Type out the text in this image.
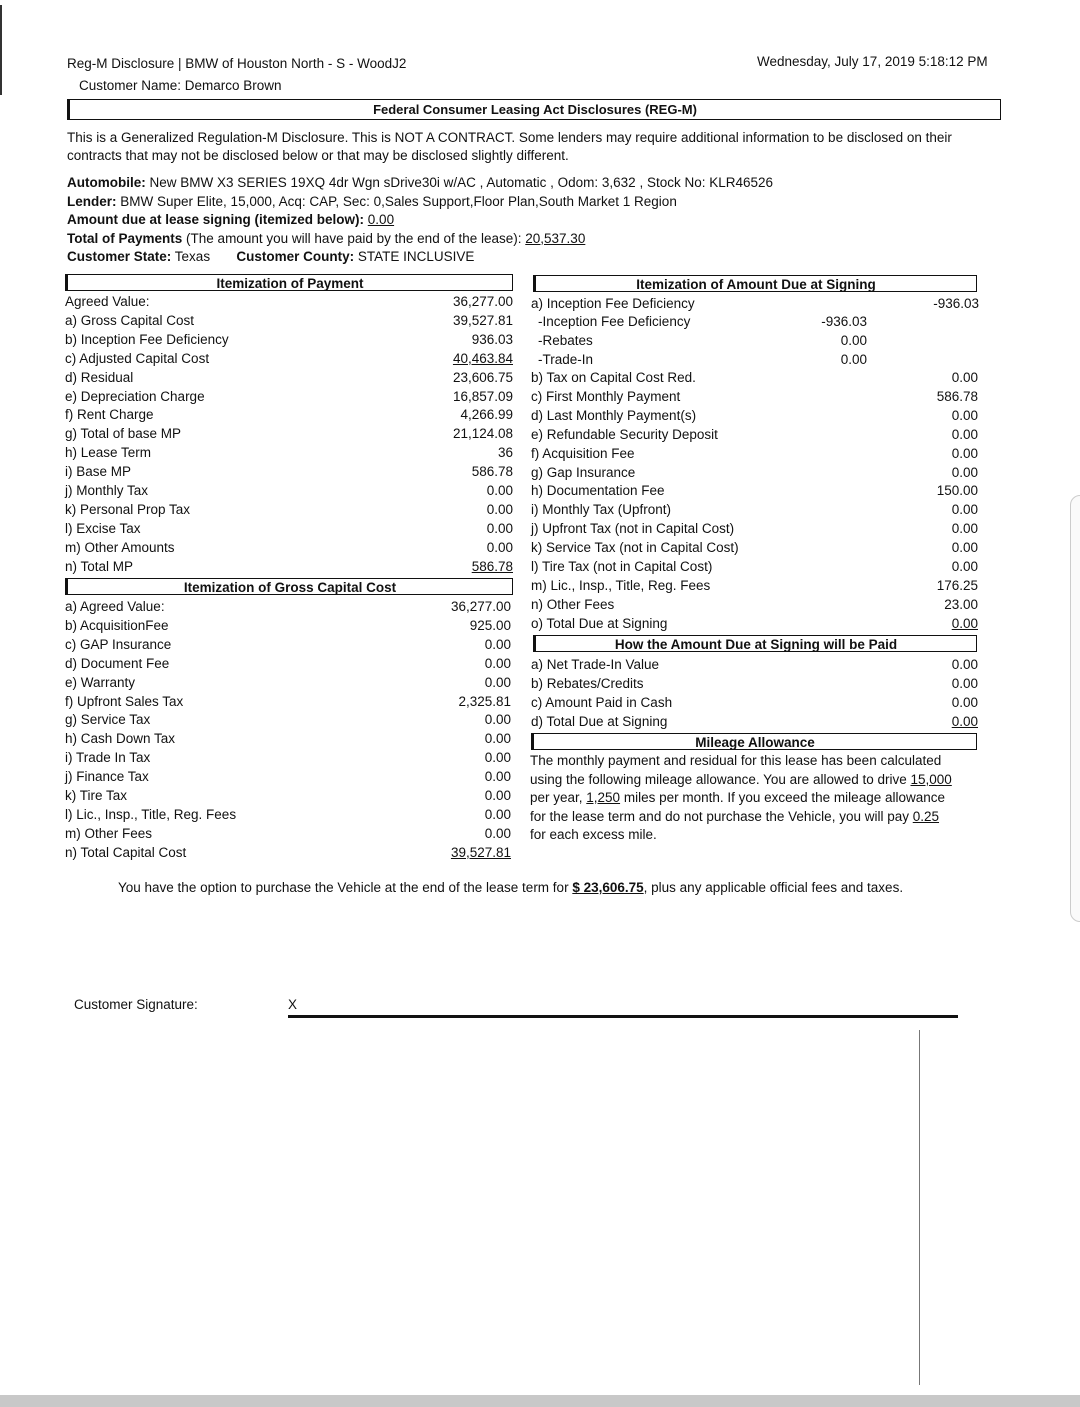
Reg-M Disclosure | BMW of Houston North - S - WoodJ2
Customer Name: Demarco Brown
Wednesday, July 17, 2019 5:18:12 PM
Federal Consumer Leasing Act Disclosures (REG-M)
This is a Generalized Regulation-M Disclosure. This is NOT A CONTRACT. Some lenders may require additional information to be disclosed on their contracts that may not be disclosed below or that may be disclosed slightly different.
Automobile: New BMW X3 SERIES 19XQ 4dr Wgn sDrive30i w/AC , Automatic , Odom: 3,632 , Stock No: KLR46526
Lender: BMW Super Elite, 15,000, Acq: CAP, Sec: 0,Sales Support,Floor Plan,South Market 1 Region
Amount due at lease signing (itemized below): 0.00
Total of Payments (The amount you will have paid by the end of the lease): 20,537.30
Customer State: Texas Customer County: STATE INCLUSIVE
Itemization of Payment
Agreed Value:	36,277.00
a) Gross Capital Cost	39,527.81
b) Inception Fee Deficiency	936.03
c) Adjusted Capital Cost	40,463.84
d) Residual	23,606.75
e) Depreciation Charge	16,857.09
f) Rent Charge	4,266.99
g) Total of base MP	21,124.08
h) Lease Term	36
i) Base MP	586.78
j) Monthly Tax	0.00
k) Personal Prop Tax	0.00
l) Excise Tax	0.00
m) Other Amounts	0.00
n) Total MP	586.78
Itemization of Gross Capital Cost
a) Agreed Value:	36,277.00
b) AcquisitionFee	925.00
c) GAP Insurance	0.00
d) Document Fee	0.00
e) Warranty	0.00
f) Upfront Sales Tax	2,325.81
g) Service Tax	0.00
h) Cash Down Tax	0.00
i) Trade In Tax	0.00
j) Finance Tax	0.00
k) Tire Tax	0.00
l) Lic., Insp., Title, Reg. Fees	0.00
m) Other Fees	0.00
n) Total Capital Cost	39,527.81
Itemization of Amount Due at Signing
a) Inception Fee Deficiency	-936.03
-Inception Fee Deficiency	-936.03
-Rebates	0.00
-Trade-In	0.00
b) Tax on Capital Cost Red.	0.00
c) First Monthly Payment	586.78
d) Last Monthly Payment(s)	0.00
e) Refundable Security Deposit	0.00
f) Acquisition Fee	0.00
g) Gap Insurance	0.00
h) Documentation Fee	150.00
i) Monthly Tax (Upfront)	0.00
j) Upfront Tax (not in Capital Cost)	0.00
k) Service Tax (not in Capital Cost)	0.00
l) Tire Tax (not in Capital Cost)	0.00
m) Lic., Insp., Title, Reg. Fees	176.25
n) Other Fees	23.00
o) Total Due at Signing	0.00
How the Amount Due at Signing will be Paid
a) Net Trade-In Value	0.00
b) Rebates/Credits	0.00
c) Amount Paid in Cash	0.00
d) Total Due at Signing	0.00
Mileage Allowance
The monthly payment and residual for this lease has been calculated
using the following mileage allowance. You are allowed to drive 15,000
per year, 1,250 miles per month. If you exceed the mileage allowance
for the lease term and do not purchase the Vehicle, you will pay 0.25
for each excess mile.
You have the option to purchase the Vehicle at the end of the lease term for $ 23,606.75, plus any applicable official fees and taxes.
Customer Signature:	X
